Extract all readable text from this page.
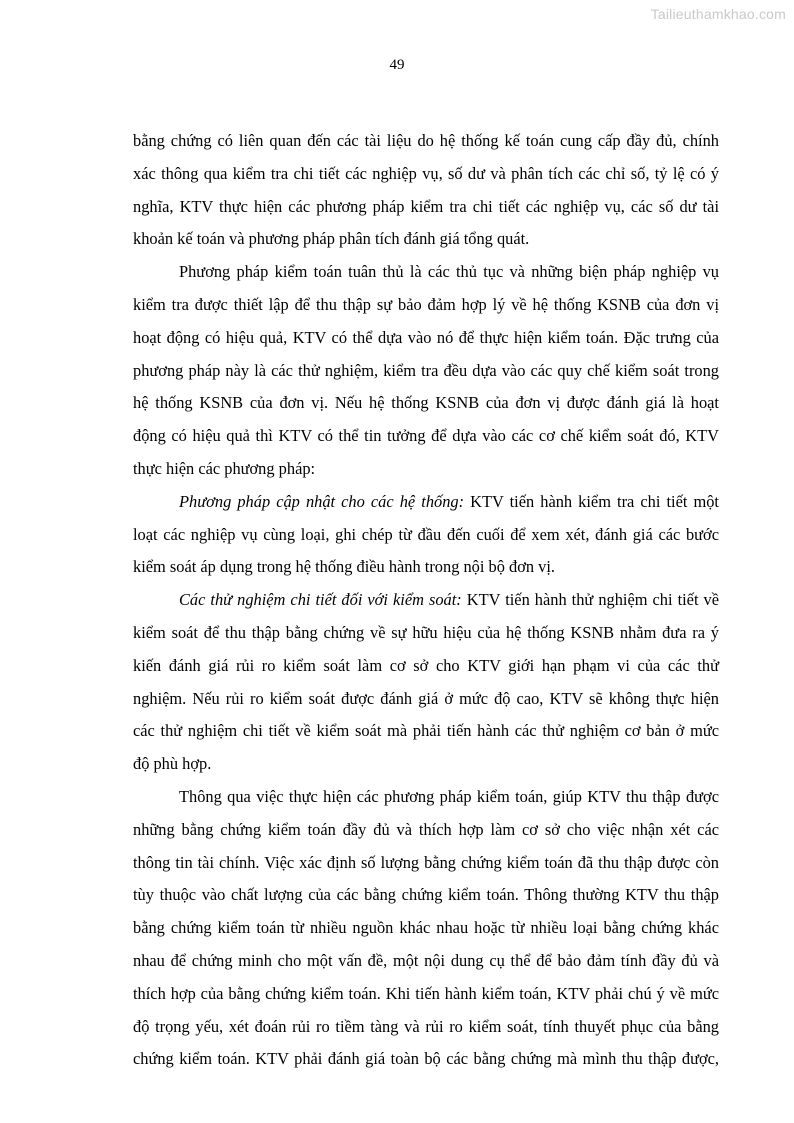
Tailieuthamkhao.com
49
bằng chứng có liên quan đến các tài liệu do hệ thống kế toán cung cấp đầy đủ, chính
xác thông qua kiểm tra chi tiết các nghiệp vụ, số dư và phân tích các chỉ số, tỷ lệ có ý
nghĩa, KTV thực hiện các phương pháp kiểm tra chi tiết các nghiệp vụ, các số dư tài
khoản kế toán và phương pháp phân tích đánh giá tổng quát.
Phương pháp kiểm toán tuân thủ là các thủ tục và những biện pháp nghiệp vụ
kiểm tra được thiết lập để thu thập sự bảo đảm hợp lý về hệ thống KSNB của đơn vị
hoạt động có hiệu quả, KTV có thể dựa vào nó để thực hiện kiểm toán. Đặc trưng của
phương pháp này là các thử nghiệm, kiểm tra đều dựa vào các quy chế kiểm soát trong
hệ thống KSNB của đơn vị. Nếu hệ thống KSNB của đơn vị được đánh giá là hoạt
động có hiệu quả thì KTV có thể tin tưởng để dựa vào các cơ chế kiểm soát đó, KTV
thực hiện các phương pháp:
Phương pháp cập nhật cho các hệ thống: KTV tiến hành kiểm tra chi tiết một
loạt các nghiệp vụ cùng loại, ghi chép từ đầu đến cuối để xem xét, đánh giá các bước
kiểm soát áp dụng trong hệ thống điều hành trong nội bộ đơn vị.
Các thử nghiệm chi tiết đối với kiểm soát: KTV tiến hành thử nghiệm chi tiết về
kiểm soát để thu thập bằng chứng về sự hữu hiệu của hệ thống KSNB nhằm đưa ra ý
kiến đánh giá rủi ro kiểm soát làm cơ sở cho KTV giới hạn phạm vi của các thử
nghiệm. Nếu rủi ro kiểm soát được đánh giá ở mức độ cao, KTV sẽ không thực hiện
các thử nghiệm chi tiết về kiểm soát mà phải tiến hành các thử nghiệm cơ bản ở mức
độ phù hợp.
Thông qua việc thực hiện các phương pháp kiểm toán, giúp KTV thu thập được
những bằng chứng kiểm toán đầy đủ và thích hợp làm cơ sở cho việc nhận xét các
thông tin tài chính. Việc xác định số lượng bằng chứng kiểm toán đã thu thập được còn
tùy thuộc vào chất lượng của các bằng chứng kiểm toán. Thông thường KTV thu thập
bằng chứng kiểm toán từ nhiều nguồn khác nhau hoặc từ nhiều loại bằng chứng khác
nhau để chứng minh cho một vấn đề, một nội dung cụ thể để bảo đảm tính đầy đủ và
thích hợp của bằng chứng kiểm toán. Khi tiến hành kiểm toán, KTV phải chú ý về mức
độ trọng yếu, xét đoán rủi ro tiềm tàng và rủi ro kiểm soát, tính thuyết phục của bằng
chứng kiểm toán. KTV phải đánh giá toàn bộ các bằng chứng mà mình thu thập được,
